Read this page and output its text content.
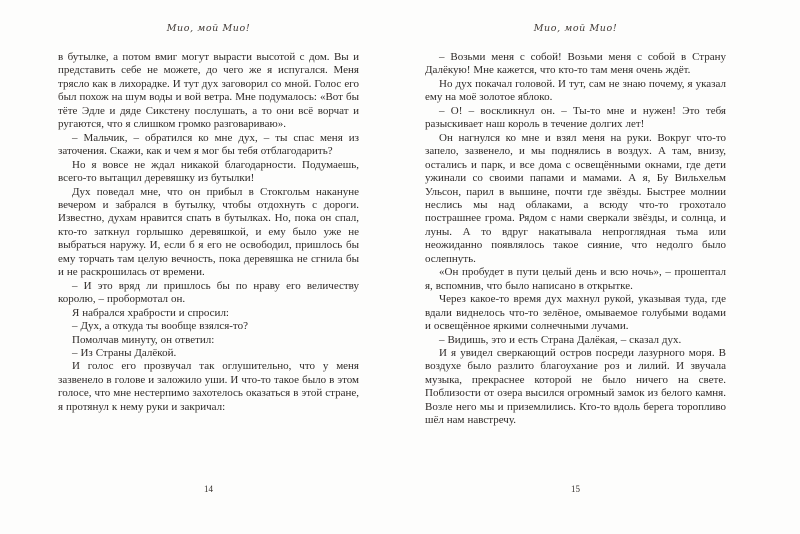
Мио, мой Мио!

в бутылке, а потом вмиг могут вырасти высотой с дом. Вы и представить себе не можете, до чего же я испугался. Меня трясло как в лихорадке. И тут дух заговорил со мной. Голос его был похож на шум воды и вой ветра. Мне подумалось: «Вот бы тёте Эдле и дяде Сикстену послушать, а то они всё ворчат и ругаются, что я слишком громко разговариваю».

– Мальчик, – обратился ко мне дух, – ты спас меня из заточения. Скажи, как и чем я мог бы тебя отблагодарить?

Но я вовсе не ждал никакой благодарности. Подумаешь, всего-то вытащил деревяшку из бутылки!

Дух поведал мне, что он прибыл в Стокгольм накануне вечером и забрался в бутылку, чтобы отдохнуть с дороги. Известно, духам нравится спать в бутылках. Но, пока он спал, кто-то заткнул горлышко деревяшкой, и ему было уже не выбраться наружу. И, если б я его не освободил, пришлось бы ему торчать там целую вечность, пока деревяшка не сгнила бы и не раскрошилась от времени.

– И это вряд ли пришлось бы по нраву его величеству королю, – пробормотал он.

Я набрался храбрости и спросил:

– Дух, а откуда ты вообще взялся-то?

Помолчав минуту, он ответил:

– Из Страны Далёкой.

И голос его прозвучал так оглушительно, что у меня зазвенело в голове и заложило уши. И что-то такое было в этом голосе, что мне нестерпимо захотелось оказаться в этой стране, я протянул к нему руки и закричал:

14
Мио, мой Мио!

– Возьми меня с собой! Возьми меня с собой в Страну Далёкую! Мне кажется, что кто-то там меня очень ждёт.

Но дух покачал головой. И тут, сам не знаю почему, я указал ему на моё золотое яблоко.

– О! – воскликнул он. – Ты-то мне и нужен! Это тебя разыскивает наш король в течение долгих лет!

Он нагнулся ко мне и взял меня на руки. Вокруг что-то запело, зазвенело, и мы поднялись в воздух. А там, внизу, остались и парк, и все дома с освещёнными окнами, где дети ужинали со своими папами и мамами. А я, Бу Вильхельм Ульсон, парил в вышине, почти где звёзды. Быстрее молнии неслись мы над облаками, а всюду что-то грохотало пострашнее грома. Рядом с нами сверкали звёзды, и солнца, и луны. А то вдруг накатывала непроглядная тьма или неожиданно появлялось такое сияние, что недолго было ослепнуть.

«Он пробудет в пути целый день и всю ночь», – прошептал я, вспомнив, что было написано в открытке.

Через какое-то время дух махнул рукой, указывая туда, где вдали виднелось что-то зелёное, омываемое голубыми водами и освещённое яркими солнечными лучами.

– Видишь, это и есть Страна Далёкая, – сказал дух.

И я увидел сверкающий остров посреди лазурного моря. В воздухе было разлито благоухание роз и лилий. И звучала музыка, прекраснее которой не было ничего на свете. Поблизости от озера высился огромный замок из белого камня. Возле него мы и приземлились. Кто-то вдоль берега торопливо шёл нам навстречу.

15
